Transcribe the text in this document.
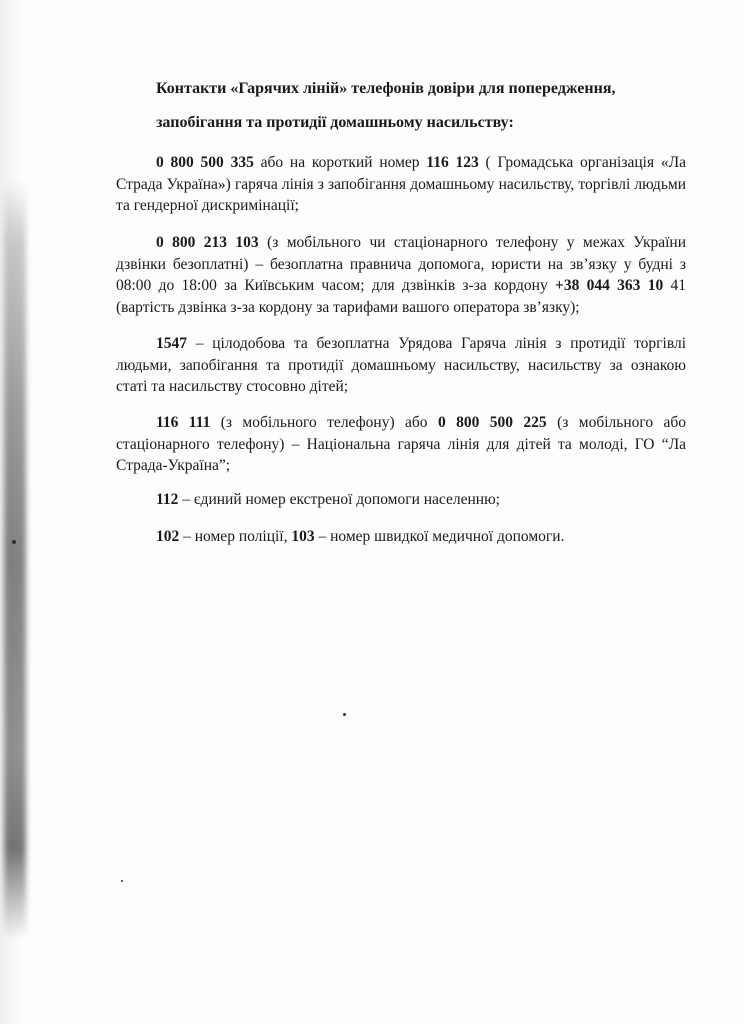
Контакти «Гарячих ліній» телефонів довіри для попередження,
запобігання та протидії домашньому насильству:

0 800 500 335 або на короткий номер 116 123 ( Громадська організація «Ла Страда Україна») гаряча лінія з запобігання домашньому насильству, торгівлі людьми та гендерної дискримінації;

0 800 213 103 (з мобільного чи стаціонарного телефону у межах України дзвінки безоплатні) – безоплатна правнича допомога, юристи на зв’язку у будні з 08:00 до 18:00 за Київським часом; для дзвінків з-за кордону +38 044 363 10 41 (вартість дзвінка з-за кордону за тарифами вашого оператора зв’язку);

1547 – цілодобова та безоплатна Урядова Гаряча лінія з протидії торгівлі людьми, запобігання та протидії домашньому насильству, насильству за ознакою статі та насильству стосовно дітей;

116 111 (з мобільного телефону) або 0 800 500 225 (з мобільного або стаціонарного телефону) – Національна гаряча лінія для дітей та молоді, ГО “Ла Страда-Україна”;

112 – єдиний номер екстреної допомоги населенню;

102 – номер поліції, 103 – номер швидкої медичної допомоги.
